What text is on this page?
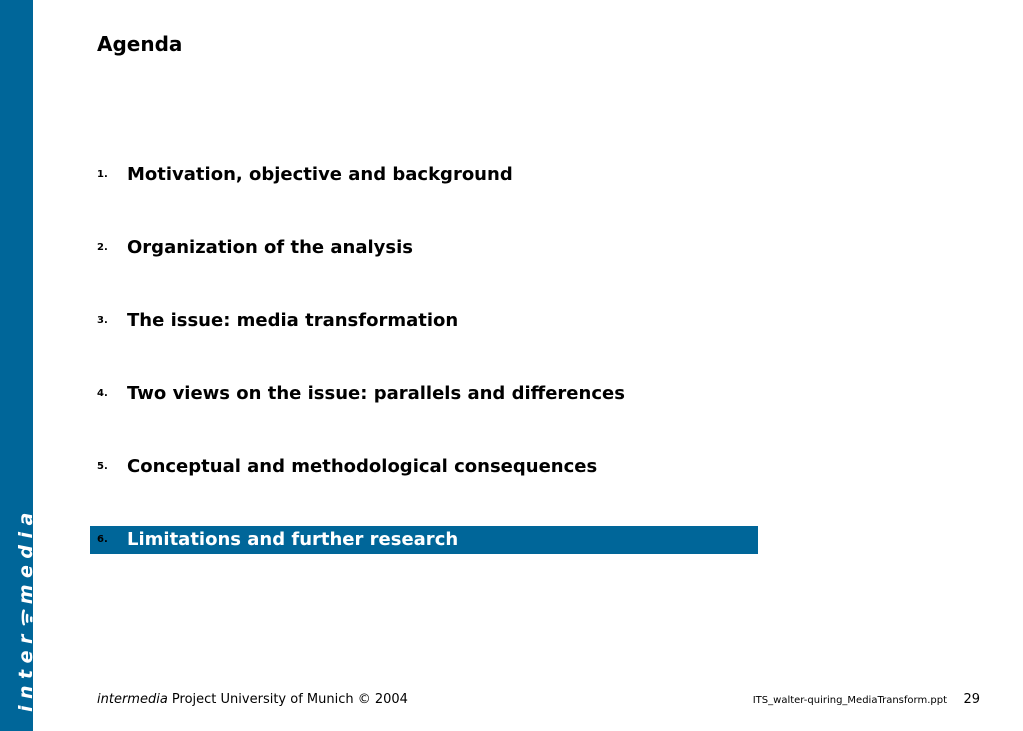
interᯤmedia
Agenda
1. Motivation, objective and background
2. Organization of the analysis
3. The issue: media transformation
4. Two views on the issue: parallels and differences
5. Conceptual and methodological consequences
6. Limitations and further research
intermedia Project University of Munich © 2004	ITS_walter-quiring_MediaTransform.ppt 29
